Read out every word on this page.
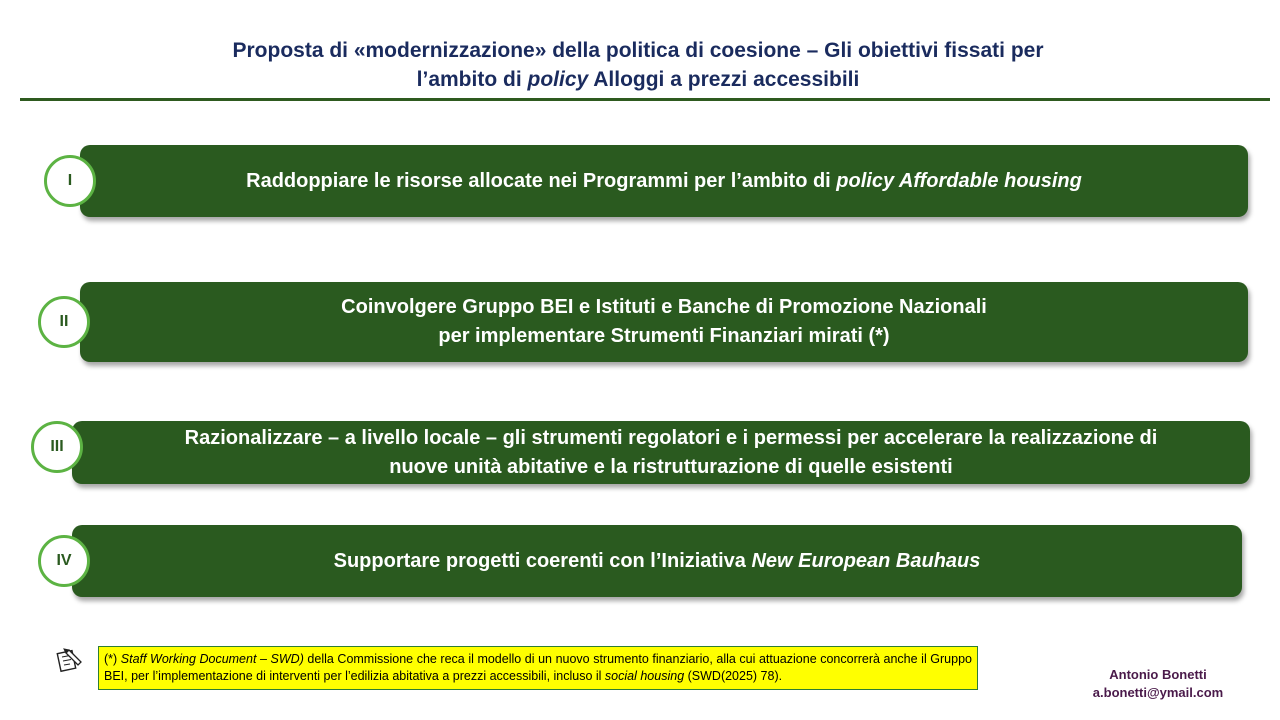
Proposta di «modernizzazione» della politica di coesione – Gli obiettivi fissati per
l’ambito di policy Alloggi a prezzi accessibili
Raddoppiare le risorse allocate nei Programmi per l’ambito di policy Affordable housing
I
Coinvolgere Gruppo BEI e Istituti e Banche di Promozione Nazionali
per implementare Strumenti Finanziari mirati (*)
II
Razionalizzare – a livello locale – gli strumenti regolatori e i permessi per accelerare la realizzazione di
nuove unità abitative e la ristrutturazione di quelle esistenti
III
Supportare progetti coerenti con l’Iniziativa New European Bauhaus
IV
(*) Staff Working Document – SWD) della Commissione che reca il modello di un nuovo strumento finanziario, alla cui attuazione concorrerà anche il Gruppo BEI, per l’implementazione di interventi per l’edilizia abitativa a prezzi accessibili, incluso il social housing (SWD(2025) 78).	Antonio Bonetti
a.bonetti@ymail.com
